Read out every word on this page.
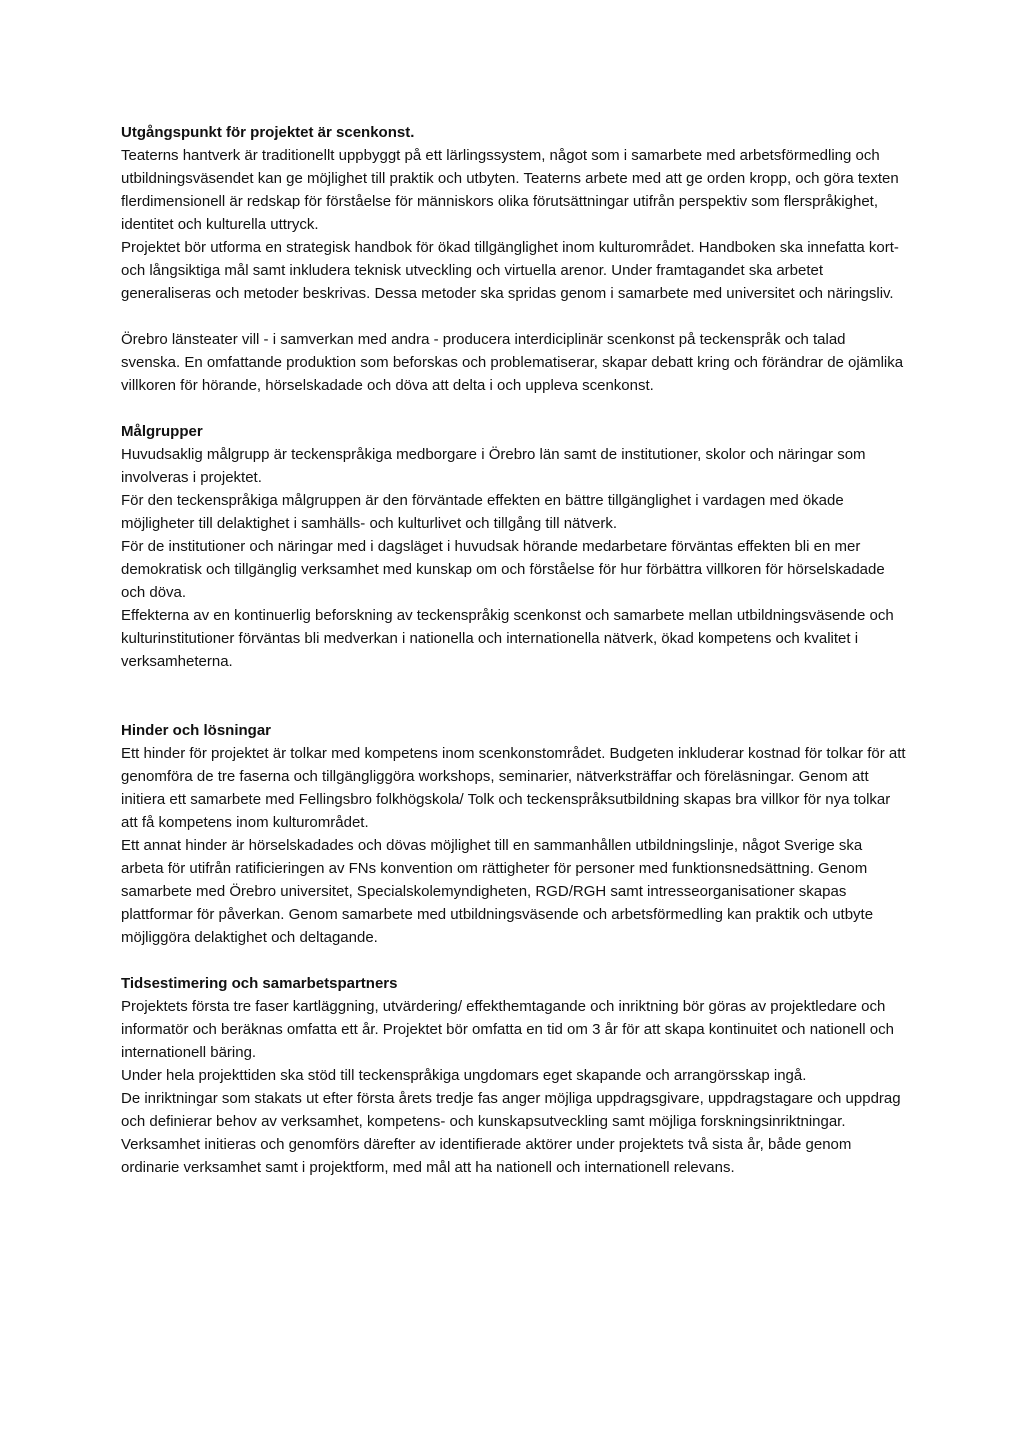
Utgångspunkt för projektet är scenkonst.

Teaterns hantverk är traditionellt uppbyggt på ett lärlingssystem, något som i samarbete med arbetsförmedling och utbildningsväsendet kan ge möjlighet till praktik och utbyten. Teaterns arbete med att ge orden kropp, och göra texten flerdimensionell är redskap för förståelse för människors olika förutsättningar utifrån perspektiv som flerspråkighet, identitet och kulturella uttryck.

Projektet bör utforma en strategisk handbok för ökad tillgänglighet inom kulturområdet. Handboken ska innefatta kort- och långsiktiga mål samt inkludera teknisk utveckling och virtuella arenor. Under framtagandet ska arbetet generaliseras och metoder beskrivas. Dessa metoder ska spridas genom i samarbete med universitet och näringsliv.

Örebro länsteater vill - i samverkan med andra - producera interdiciplinär scenkonst på teckenspråk och talad svenska. En omfattande produktion som beforskas och problematiserar, skapar debatt kring och förändrar de ojämlika villkoren för hörande, hörselskadade och döva att delta i och uppleva scenkonst.

Målgrupper

Huvudsaklig målgrupp är teckenspråkiga medborgare i Örebro län samt de institutioner, skolor och näringar som involveras i projektet.

För den teckenspråkiga målgruppen är den förväntade effekten en bättre tillgänglighet i vardagen med ökade möjligheter till delaktighet i samhälls- och kulturlivet och tillgång till nätverk.

För de institutioner och näringar med i dagsläget i huvudsak hörande medarbetare förväntas effekten bli en mer demokratisk och tillgänglig verksamhet med kunskap om och förståelse för hur förbättra villkoren för hörselskadade och döva.

Effekterna av en kontinuerlig beforskning av teckenspråkig scenkonst och samarbete mellan utbildningsväsende och kulturinstitutioner förväntas bli medverkan i nationella och internationella nätverk, ökad kompetens och kvalitet i verksamheterna.

Hinder och lösningar

Ett hinder för projektet är tolkar med kompetens inom scenkonstområdet. Budgeten inkluderar kostnad för tolkar för att genomföra de tre faserna och tillgängliggöra workshops, seminarier, nätverksträffar och föreläsningar. Genom att initiera ett samarbete med Fellingsbro folkhögskola/ Tolk och teckenspråksutbildning skapas bra villkor för nya tolkar att få kompetens inom kulturområdet.

Ett annat hinder är hörselskadades och dövas möjlighet till en sammanhållen utbildningslinje, något Sverige ska arbeta för utifrån ratificieringen av FNs konvention om rättigheter för personer med funktionsnedsättning. Genom samarbete med Örebro universitet, Specialskolemyndigheten, RGD/RGH samt intresseorganisationer skapas plattformar för påverkan. Genom samarbete med utbildningsväsende och arbetsförmedling kan praktik och utbyte möjliggöra delaktighet och deltagande.

Tidsestimering och samarbetspartners

Projektets första tre faser kartläggning, utvärdering/ effekthemtagande och inriktning bör göras av projektledare och informatör och beräknas omfatta ett år. Projektet bör omfatta en tid om 3 år för att skapa kontinuitet och nationell och internationell bäring.

Under hela projekttiden ska stöd till teckenspråkiga ungdomars eget skapande och arrangörsskap ingå.

De inriktningar som stakats ut efter första årets tredje fas anger möjliga uppdragsgivare, uppdragstagare och uppdrag och definierar behov av verksamhet, kompetens- och kunskapsutveckling samt möjliga forskningsinriktningar. Verksamhet initieras och genomförs därefter av identifierade aktörer under projektets två sista år, både genom ordinarie verksamhet samt i projektform, med mål att ha nationell och internationell relevans.
